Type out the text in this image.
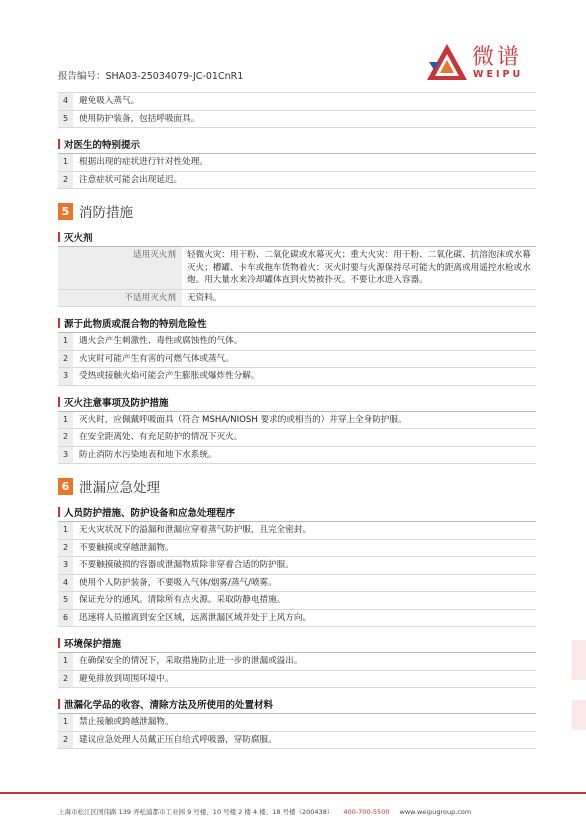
报告编号：SHA03-25034079-JC-01CnR1
微谱
WEIPU
4	避免吸入蒸气。
5	使用防护装备，包括呼吸面具。
对医生的特别提示
1	根据出现的症状进行针对性处理。
2	注意症状可能会出现延迟。
5 消防措施
灭火剂
适用灭火剂	轻微火灾：用干粉、二氧化碳或水幕灭火；重大火灾：用干粉、二氧化碳、抗溶泡沫或水幕灭火；槽罐、卡车或拖车货物着火：灭火时要与火源保持尽可能大的距离或用遥控水枪或水炮。用大量水来冷却罐体直到火势被扑灭。不要让水进入容器。
不适用灭火剂	无资料。
源于此物质或混合物的特别危险性
1	遇火会产生刺激性、毒性或腐蚀性的气体。
2	火灾时可能产生有害的可燃气体或蒸气。
3	受热或接触火焰可能会产生膨胀或爆炸性分解。
灭火注意事项及防护措施
1	灭火时，应佩戴呼吸面具（符合 MSHA/NIOSH 要求的或相当的）并穿上全身防护服。
2	在安全距离处、有充足防护的情况下灭火。
3	防止消防水污染地表和地下水系统。
6 泄漏应急处理
人员防护措施、防护设备和应急处理程序
1	无火灾状况下的溢漏和泄漏应穿着蒸气防护服，且完全密封。
2	不要触摸或穿越泄漏物。
3	不要触摸破损的容器或泄漏物质除非穿着合适的防护服。
4	使用个人防护装备，不要吸入气体/烟雾/蒸气/喷雾。
5	保证充分的通风。清除所有点火源。采取防静电措施。
6	迅速将人员撤离到安全区域，远离泄漏区域并处于上风方向。
环境保护措施
1	在确保安全的情况下，采取措施防止进一步的泄漏或溢出。
2	避免排放到周围环境中。
泄漏化学品的收容、清除方法及所使用的处置材料
1	禁止接触或跨越泄漏物。
2	建议应急处理人员戴正压自给式呼吸器，穿防腐服。
上海市松江区国伟路 139 弄松浦都市工业园 9 号楼、10 号楼 2 楼 4 楼、18 号楼（200438） 400-700-5500 www.weipugroup.com
